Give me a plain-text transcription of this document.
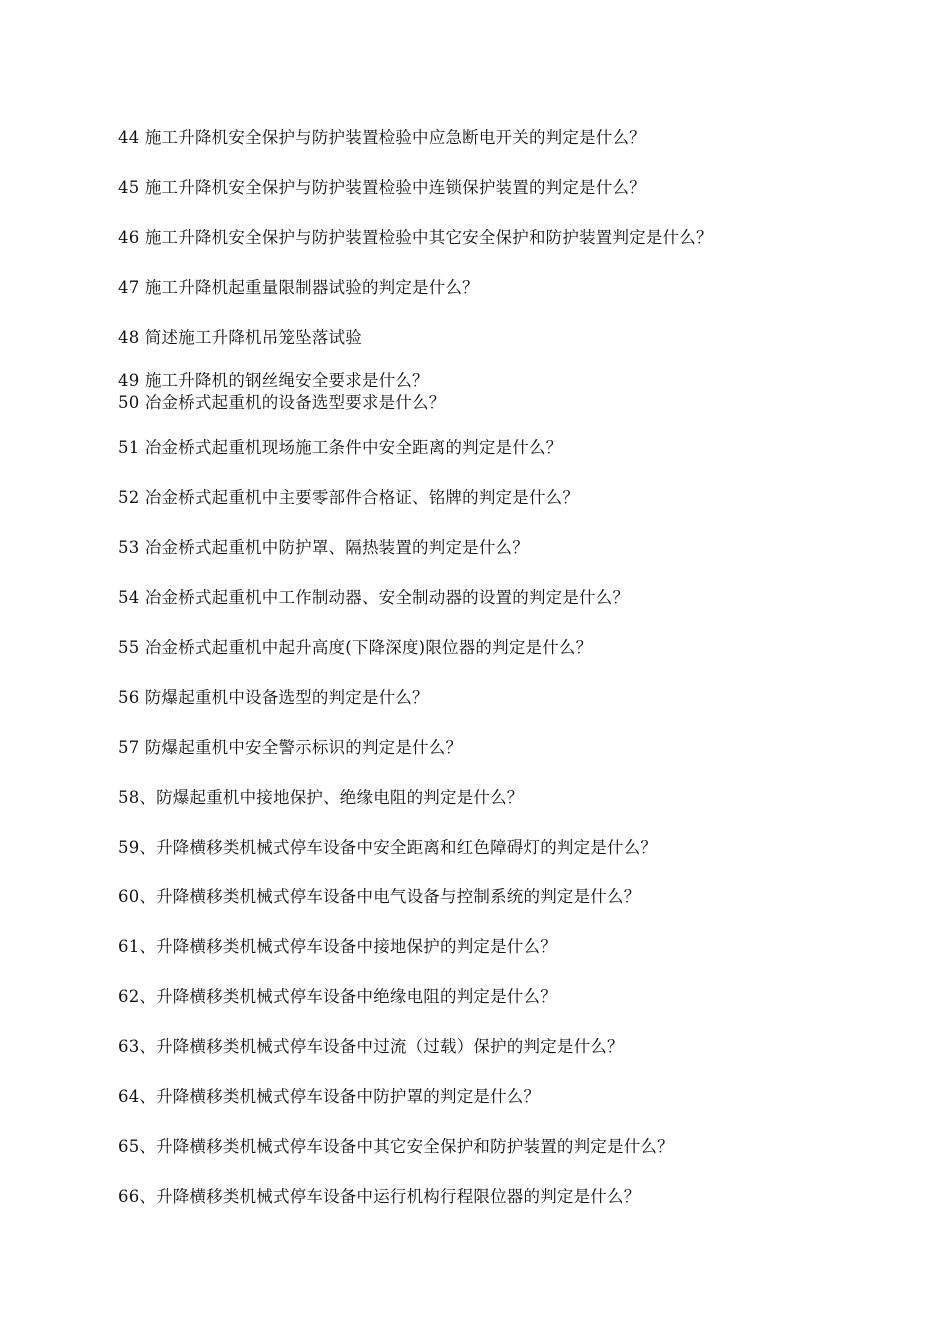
44 施工升降机安全保护与防护装置检验中应急断电开关的判定是什么？
45 施工升降机安全保护与防护装置检验中连锁保护装置的判定是什么？
46 施工升降机安全保护与防护装置检验中其它安全保护和防护装置判定是什么？
47 施工升降机起重量限制器试验的判定是什么？
48 简述施工升降机吊笼坠落试验
49 施工升降机的钢丝绳安全要求是什么？
50 冶金桥式起重机的设备选型要求是什么？
51 冶金桥式起重机现场施工条件中安全距离的判定是什么？
52 冶金桥式起重机中主要零部件合格证、铭牌的判定是什么？
53 冶金桥式起重机中防护罩、隔热装置的判定是什么？
54 冶金桥式起重机中工作制动器、安全制动器的设置的判定是什么？
55 冶金桥式起重机中起升高度(下降深度)限位器的判定是什么？
56 防爆起重机中设备选型的判定是什么？
57 防爆起重机中安全警示标识的判定是什么？
58、防爆起重机中接地保护、绝缘电阻的判定是什么？
59、升降横移类机械式停车设备中安全距离和红色障碍灯的判定是什么？
60、升降横移类机械式停车设备中电气设备与控制系统的判定是什么？
61、升降横移类机械式停车设备中接地保护的判定是什么？
62、升降横移类机械式停车设备中绝缘电阻的判定是什么？
63、升降横移类机械式停车设备中过流（过载）保护的判定是什么？
64、升降横移类机械式停车设备中防护罩的判定是什么？
65、升降横移类机械式停车设备中其它安全保护和防护装置的判定是什么？
66、升降横移类机械式停车设备中运行机构行程限位器的判定是什么？
